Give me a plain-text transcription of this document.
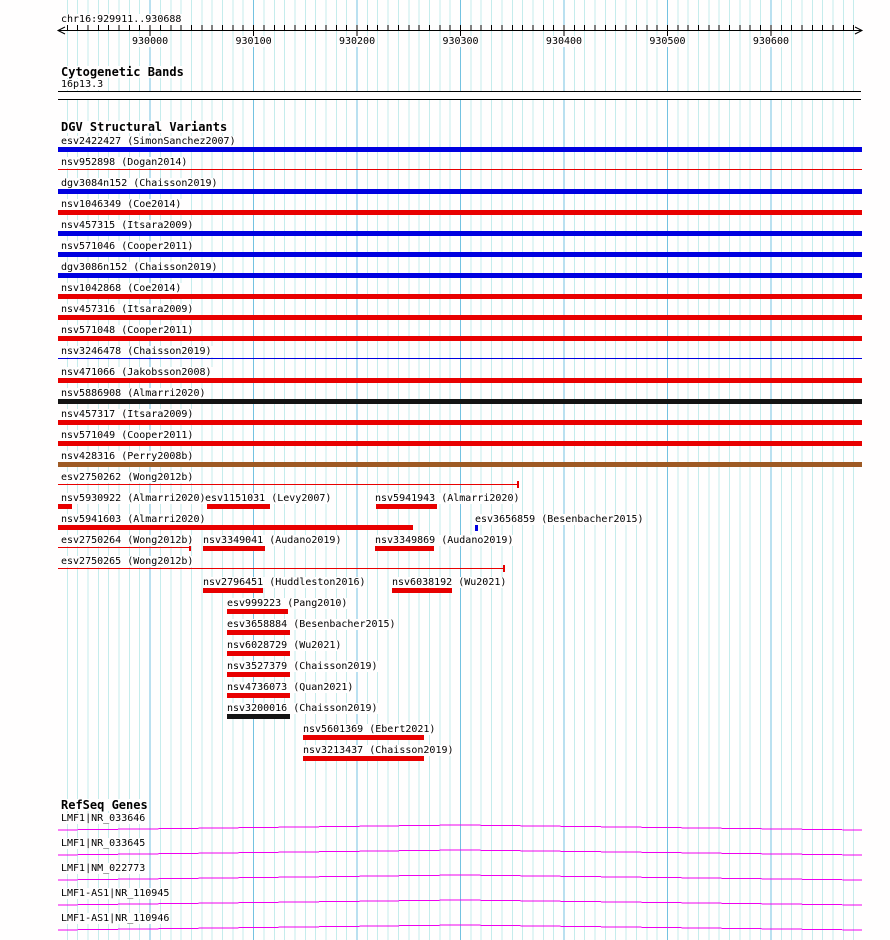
chr16:929911..930688
930000	930100	930200	930300	930400	930500	930600
Cytogenetic Bands
16p13.3
DGV Structural Variants
esv2422427 (SimonSanchez2007)
nsv952898 (Dogan2014)
dgv3084n152 (Chaisson2019)
nsv1046349 (Coe2014)
nsv457315 (Itsara2009)
nsv571046 (Cooper2011)
dgv3086n152 (Chaisson2019)
nsv1042868 (Coe2014)
nsv457316 (Itsara2009)
nsv571048 (Cooper2011)
nsv3246478 (Chaisson2019)
nsv471066 (Jakobsson2008)
nsv5886908 (Almarri2020)
nsv457317 (Itsara2009)
nsv571049 (Cooper2011)
nsv428316 (Perry2008b)
esv2750262 (Wong2012b)
nsv5930922 (Almarri2020) esv1151031 (Levy2007)	nsv5941943 (Almarri2020)
nsv5941603 (Almarri2020)	esv3656859 (Besenbacher2015)
esv2750264 (Wong2012b) nsv3349041 (Audano2019)	nsv3349869 (Audano2019)
esv2750265 (Wong2012b)
nsv2796451 (Huddleston2016)	nsv6038192 (Wu2021)
esv999223 (Pang2010)
esv3658884 (Besenbacher2015)
nsv6028729 (Wu2021)
nsv3527379 (Chaisson2019)
nsv4736073 (Quan2021)
nsv3200016 (Chaisson2019)
nsv5601369 (Ebert2021)
nsv3213437 (Chaisson2019)
RefSeq Genes
LMF1|NR_033646
LMF1|NR_033645
LMF1|NM_022773
LMF1-AS1|NR_110945
LMF1-AS1|NR_110946
